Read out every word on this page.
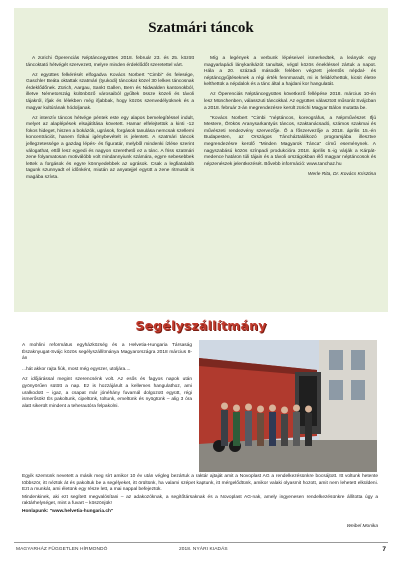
Szatmári táncok

A zürichi Öperenciás Néptáncegyüttes 2018. február 23. és 25. között táncoktató hétvégét szervezett, melyre minden érdeklődőt szeretettel várt.

Az együttes felkérését elfogadva Kovács Norbert "Cimbi" és felesége, Gaschler Beáta oktattak szatmári (tyukodi) táncokat közel 30 lelkes táncosnak érdeklődőnek. Zürich, Aargau, Sankt Gallen, Bern és Nidwalden kantonokból, illetve Németország különböző városaiból gyűltek össze közeli és távoli tájakról, ifjak és lélekben még ifjabbak, hogy közös szenvedélyüknek és a magyar kultúrának hódoljanak.

Az intenzív táncos hétvége péntek este egy alapos bemelegítéssel indult, melyet az alaplépések elsajátítása követett. Hamar elfelejtettük a kinti -12 fokos hideget, hiszen a bokázók, ugrások, forgások tanulása nemcsak szellemi koncentrációt, hanem fizikai igénybevételt is jelentett. A szatmári táncok jellegzetessége a gazdag lépés- és figuratár, melyből mindenki ízlése szerint válogathat, ettől lesz egyedi és nagyon szerethető ez a tánc. A friss szatmári zene folyamatosan motiválóbb volt mindannyiunk számára, egyre sebesebbek lettek a forgások és egyre könnyedebbek az ugrások. Csak a legfiatalabb tagunk szunnyadt el időnként, miután az anyatejjel együtt a zene ritmusát is magába szívta.

Míg a legények a verbunk lépéseivel ismerkedtek, a leányok egy magyarlapádi lánykarikázót tanultak, végül közös énekléssel zártuk a napot. Hála a 20. századi második felében végzett jelentős népdal- és néptáncgyűjtéseknek a régi érték fennmaradt, mi is felidézhettük, kicsit életre kelthettük a népdalok és a tánc által a hajdani kor hangulatát.

Az Öperenciás Néptáncegyüttes következő fellépése 2018. március 10-én lesz Münchenben, válasszuti táncokkal. Az együttes választott műsorát Svájcban a 2018. február 3-án megrendezésre került zürichi Magyar Bálon mutatta be.

"Kovács Norbert "Cimbi "néptáncos, koreográfus, a Népművészet Ifjú Mestere, Örökös Aranysarkantyús táncos, szaktanácsadó, számos szakmai és művészeti rendezvény szervezője. Ő a főszervezője a 2018. április 15.-én Budapesten, az Országos Táncháztalálkozó programjába illesztve megrendezésre kerülő "Minden Magyarok Tánca" című eseménynek. A nagyszabású közös színpadi produkcióra 2018. április 5.-ig várják a Kárpát-medence határon túli tájain és a távoli országokban élő magyar néptáncosok és népzenészek jelentkezését. Bővebb információ: www.tanchaz.hu

Werle Rita, Dr. Kovács Krisztina
Segélyszállítmány

A mohlini református egyházközség és a Helvetia-Hungaria Társaság Északnyugat-Svájc közös segélyszállítmánya Magyarországra 2018 március 8-án

...hát akkor rajta fiúk, most még egyszer, utoljára....

Az időjárással megint szerencsénk volt. Az esős és fagyos napok után gyönyörűen sütött a nap. Ez is hozzájárult a kellemes hangulathoz, ami uralkodott – igaz, a csapat már jónéhány fuvarnál dolgozott együtt, régi ismerősök! És pakoltunk, cipeltünk, toltunk, emeltünk és nyögtünk – alig 3 óra alatt sikerült mindent a teherautóra felpakolni.

Egyik szemünk nevetett a másik meg sírt amikor 10 év után végleg bezártuk a raktár ajtaját amit a Novoplast AG a rendelkezésünkre bocsájtott. Itt voltunk hetente többször, itt néztük át és pakoltuk be a segélyeket, itt örültünk, ha valami szépet kaptunk, itt mérgelődtünk, amikor valaki olyasmit hozott, amit nem lehetett elküldeni. Ezt a munkát, ami életünk egy része lett, a mai nappal befejeztük.

Mindenkinek, aki ezt segített megvalósítani – az adakozóknak, a segítőtársaknak és a Novoplast AG-nak, amely ingyenesen rendelkezésünkre állította úgy a raktárhelységet, mint a fuvart – köszönjük!

Honlapunk: "www.helvetia-hungaria.ch"

Weibel Monika
MAGYARHÁZ FÜGGETLEN HÍRMONDÓ	2018. NYÁRI KIADÁS	7
